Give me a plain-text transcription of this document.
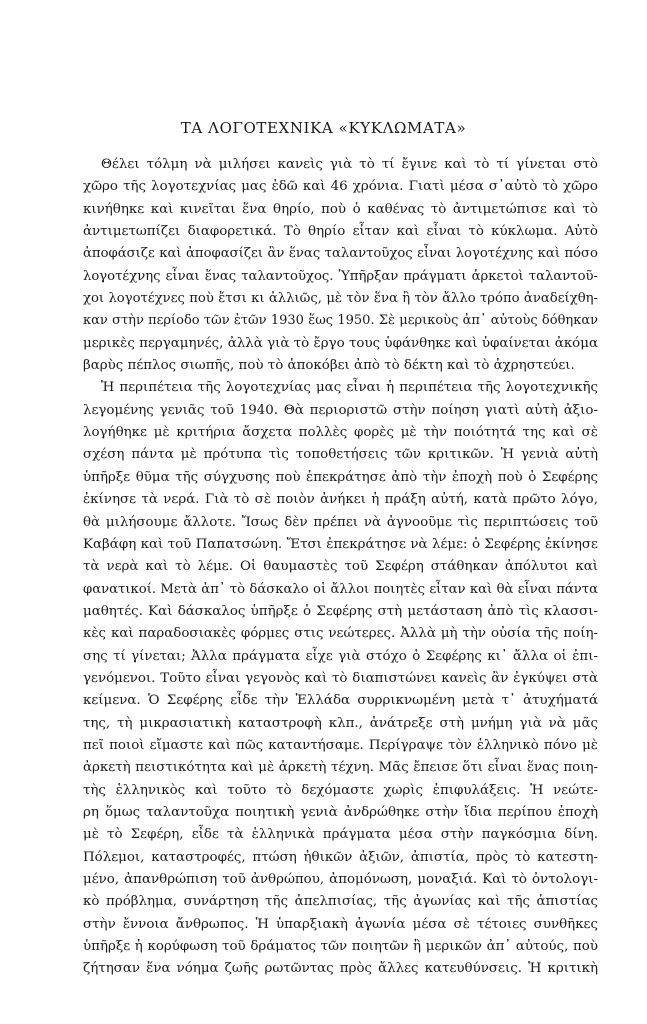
ΤΑ ΛΟΓΟΤΕΧΝΙΚΑ «ΚΥΚΛΩΜΑΤΑ»
Θέλει τόλμη νὰ μιλήσει κανεὶς γιὰ τὸ τί ἔγινε καὶ τὸ τί γίνεται στὸ
χῶρο τῆς λογοτεχνίας μας ἐδῶ καὶ 46 χρόνια. Γιατὶ μέσα σ᾽αὐτὸ τὸ χῶρο
κινήθηκε καὶ κινεῖται ἕνα θηρίο, ποὺ ὁ καθένας τὸ ἀντιμετώπισε καὶ τὸ
ἀντιμετωπίζει διαφορετικά. Τὸ θηρίο εἶταν καὶ εἶναι τὸ κύκλωμα. Αὐτὸ
ἀποφάσιζε καὶ ἀποφασίζει ἂν ἕνας ταλαντοῦχος εἶναι λογοτέχνης καὶ πόσο
λογοτέχνης εἶναι ἕνας ταλαντοῦχος. Ὑπῆρξαν πράγματι ἀρκετοὶ ταλαντοῦ-
χοι λογοτέχνες ποὺ ἔτσι κι ἀλλιῶς, μὲ τὸν ἕνα ἢ τὸν ἄλλο τρόπο ἀναδείχθη-
καν στὴν περίοδο τῶν ἐτῶν 1930 ἕως 1950. Σὲ μερικοὺς ἀπ᾽ αὐτοὺς δόθηκαν
μερικὲς περγαμηνές, ἀλλὰ γιὰ τὸ ἔργο τους ὑφάνθηκε καὶ ὑφαίνεται ἀκόμα
βαρὺς πέπλος σιωπῆς, ποὺ τὸ ἀποκόβει ἀπὸ τὸ δέκτη καὶ τὸ ἀχρηστεύει.
Ἡ περιπέτεια τῆς λογοτεχνίας μας εἶναι ἡ περιπέτεια τῆς λογοτεχνικῆς
λεγομένης γενιᾶς τοῦ 1940. Θὰ περιοριστῶ στὴν ποίηση γιατὶ αὐτὴ ἀξιο-
λογήθηκε μὲ κριτήρια ἄσχετα πολλὲς φορὲς μὲ τὴν ποιότητά της καὶ σὲ
σχέση πάντα μὲ πρότυπα τὶς τοποθετήσεις τῶν κριτικῶν. Ἡ γενιὰ αὐτὴ
ὑπῆρξε θῦμα τῆς σύγχυσης ποὺ ἐπεκράτησε ἀπὸ τὴν ἐποχὴ ποὺ ὁ Σεφέρης
ἐκίνησε τὰ νερά. Γιὰ τὸ σὲ ποιὸν ἀνήκει ἡ πράξη αὐτή, κατὰ πρῶτο λόγο,
θὰ μιλήσουμε ἄλλοτε. Ἴσως δὲν πρέπει νὰ ἀγνοοῦμε τὶς περιπτώσεις τοῦ
Καβάφη καὶ τοῦ Παπατσώνη. Ἔτσι ἐπεκράτησε νὰ λέμε: ὁ Σεφέρης ἐκίνησε
τὰ νερὰ καὶ τὸ λέμε. Οἱ θαυμαστὲς τοῦ Σεφέρη στάθηκαν ἀπόλυτοι καὶ
φανατικοί. Μετὰ ἀπ᾽ τὸ δάσκαλο οἱ ἄλλοι ποιητὲς εἶταν καὶ θὰ εἶναι πάντα
μαθητές. Καὶ δάσκαλος ὑπῆρξε ὁ Σεφέρης στὴ μετάσταση ἀπὸ τὶς κλασσι-
κὲς καὶ παραδοσιακὲς φόρμες στις νεώτερες. Ἀλλὰ μὴ τὴν οὐσία τῆς ποίη-
σης τί γίνεται; Ἀλλα πράγματα εἶχε γιὰ στόχο ὁ Σεφέρης κι᾽ ἄλλα οἱ ἐπι-
γενόμενοι. Τοῦτο εἶναι γεγονὸς καὶ τὸ διαπιστώνει κανεὶς ἂν ἐγκύψει στὰ
κείμενα. Ὁ Σεφέρης εἶδε τὴν Ἑλλάδα συρρικνωμένη μετὰ τ᾽ ἀτυχήματά
της, τὴ μικρασιατικὴ καταστροφὴ κλπ., ἀνάτρεξε στὴ μνήμη γιὰ νὰ μᾶς
πεῖ ποιοὶ εἴμαστε καὶ πῶς καταντήσαμε. Περίγραψε τὸν ἑλληνικὸ πόνο μὲ
ἀρκετὴ πειστικότητα καὶ μὲ ἀρκετὴ τέχνη. Μᾶς ἔπεισε ὅτι εἶναι ἕνας ποιη-
τὴς ἑλληνικὸς καὶ τοῦτο τὸ δεχόμαστε χωρὶς ἐπιφυλάξεις. Ἡ νεώτε-
ρη ὅμως ταλαντοῦχα ποιητικὴ γενιὰ ἀνδρώθηκε στὴν ἴδια περίπου ἐποχὴ
μὲ τὸ Σεφέρη, εἶδε τὰ ἑλληνικὰ πράγματα μέσα στὴν παγκόσμια δίνη.
Πόλεμοι, καταστροφές, πτώση ἠθικῶν ἀξιῶν, ἀπιστία, πρὸς τὸ κατεστη-
μένο, ἀπανθρώπιση τοῦ ἀνθρώπου, ἀπομόνωση, μοναξιά. Καὶ τὸ ὀντολογι-
κὸ πρόβλημα, συνάρτηση τῆς ἀπελπισίας, τῆς ἀγωνίας καὶ τῆς ἀπιστίας
στὴν ἔννοια ἄνθρωπος. Ἡ ὑπαρξιακὴ ἀγωνία μέσα σὲ τέτοιες συνθῆκες
ὑπῆρξε ἡ κορύφωση τοῦ δράματος τῶν ποιητῶν ἢ μερικῶν ἀπ᾽ αὐτούς, ποὺ
ζήτησαν ἕνα νόημα ζωῆς ρωτῶντας πρὸς ἄλλες κατευθύνσεις. Ἡ κριτικὴ
